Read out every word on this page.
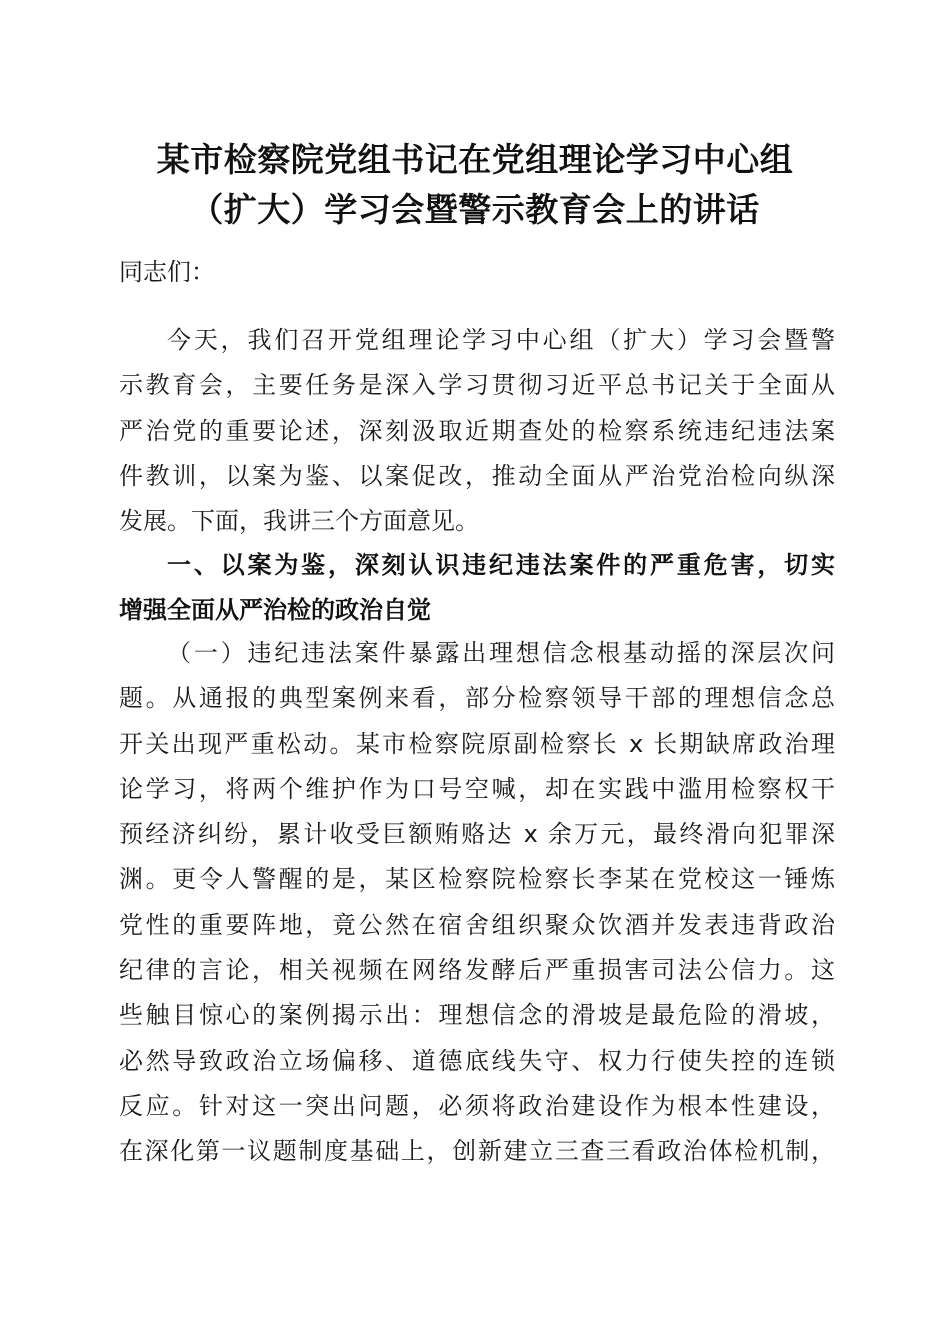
某市检察院党组书记在党组理论学习中心组
（扩大）学习会暨警示教育会上的讲话
同志们：
今天，我们召开党组理论学习中心组（扩大）学习会暨警
示教育会，主要任务是深入学习贯彻习近平总书记关于全面从
严治党的重要论述，深刻汲取近期查处的检察系统违纪违法案
件教训，以案为鉴、以案促改，推动全面从严治党治检向纵深
发展。下面，我讲三个方面意见。
一、以案为鉴，深刻认识违纪违法案件的严重危害，切实
增强全面从严治检的政治自觉
（一）违纪违法案件暴露出理想信念根基动摇的深层次问
题。从通报的典型案例来看，部分检察领导干部的理想信念总
开关出现严重松动。某市检察院原副检察长 x 长期缺席政治理
论学习，将两个维护作为口号空喊，却在实践中滥用检察权干
预经济纠纷，累计收受巨额贿赂达 x 余万元，最终滑向犯罪深
渊。更令人警醒的是，某区检察院检察长李某在党校这一锤炼
党性的重要阵地，竟公然在宿舍组织聚众饮酒并发表违背政治
纪律的言论，相关视频在网络发酵后严重损害司法公信力。这
些触目惊心的案例揭示出：理想信念的滑坡是最危险的滑坡，
必然导致政治立场偏移、道德底线失守、权力行使失控的连锁
反应。针对这一突出问题，必须将政治建设作为根本性建设，
在深化第一议题制度基础上，创新建立三查三看政治体检机制，
